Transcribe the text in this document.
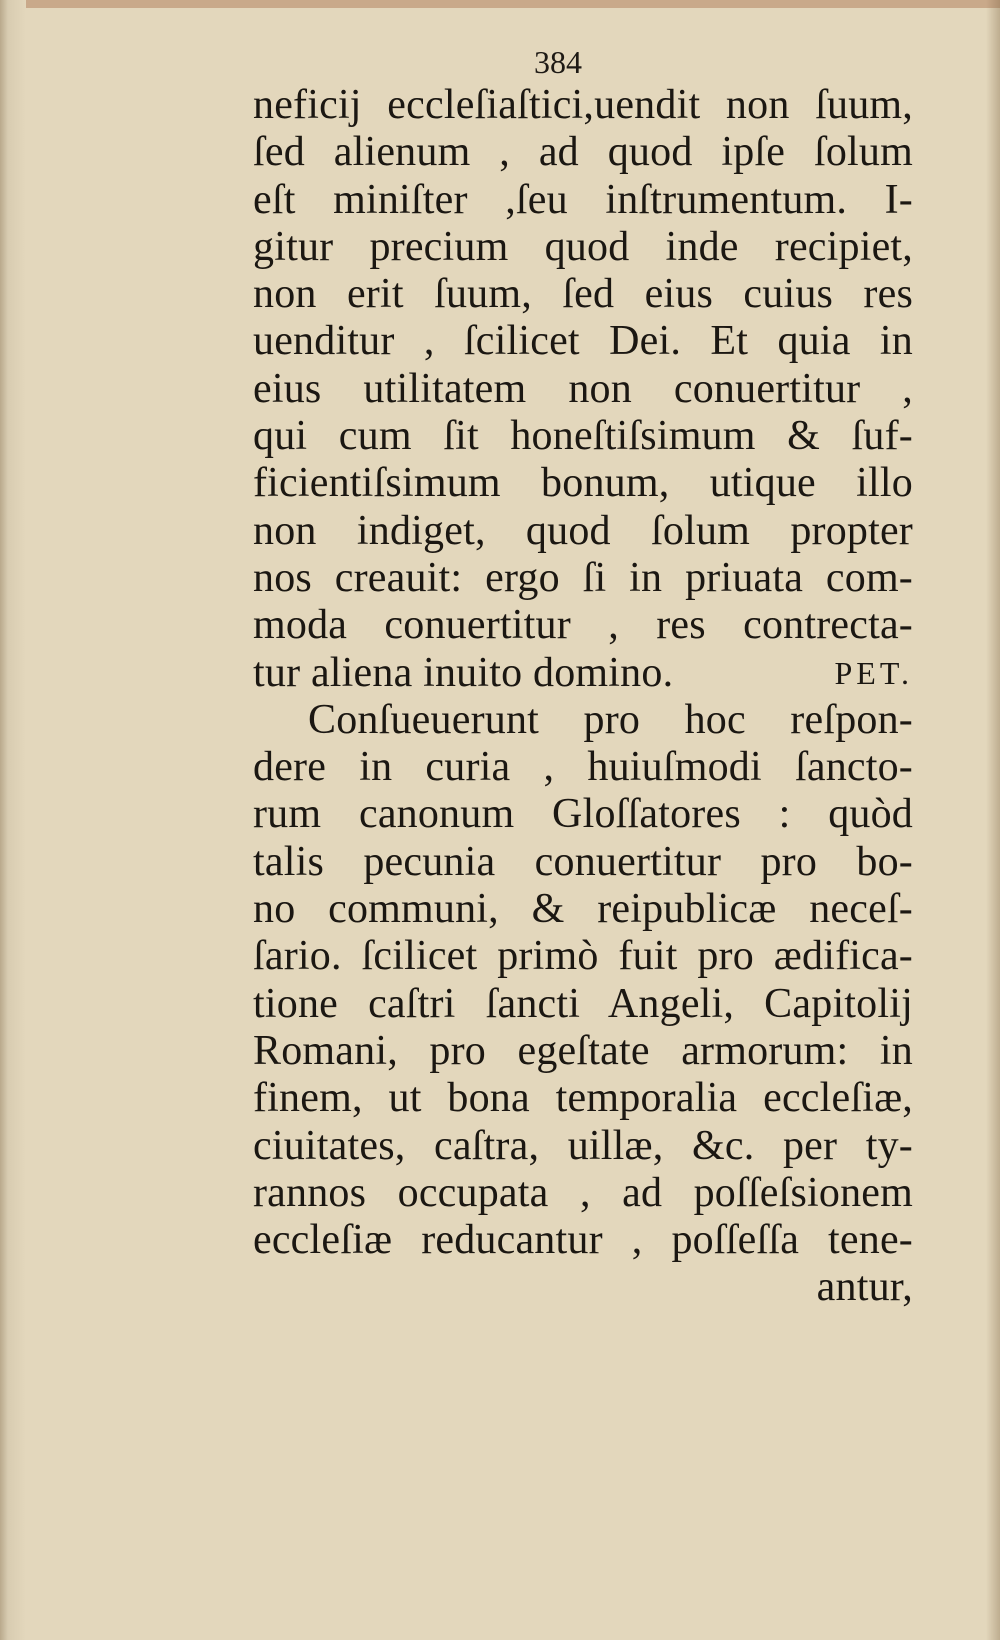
384
neficij eccleſiaſtici,uendit non ſuum,
ſed alienum , ad quod ipſe ſolum
eſt miniſter ,ſeu inſtrumentum. I-
gitur precium quod inde recipiet,
non erit ſuum, ſed eius cuius res
uenditur , ſcilicet Dei. Et quia in
eius utilitatem non conuertitur ,
qui cum ſit honeſtiſsimum & ſuf-
ficientiſsimum bonum, utique illo
non indiget, quod ſolum propter
nos creauit: ergo ſi in priuata com-
moda conuertitur , res contrecta-
tur aliena inuito domino.	PET.
Conſueuerunt pro hoc reſpon-
dere in curia , huiuſmodi ſancto-
rum canonum Gloſſatores : quòd
talis pecunia conuertitur pro bo-
no communi, & reipublicæ neceſ-
ſario. ſcilicet primò fuit pro ædifica-
tione caſtri ſancti Angeli, Capitolij
Romani, pro egeſtate armorum: in
finem, ut bona temporalia eccleſiæ,
ciuitates, caſtra, uillæ, &c. per ty-
rannos occupata , ad poſſeſsionem
eccleſiæ reducantur , poſſeſſa tene-
antur,
